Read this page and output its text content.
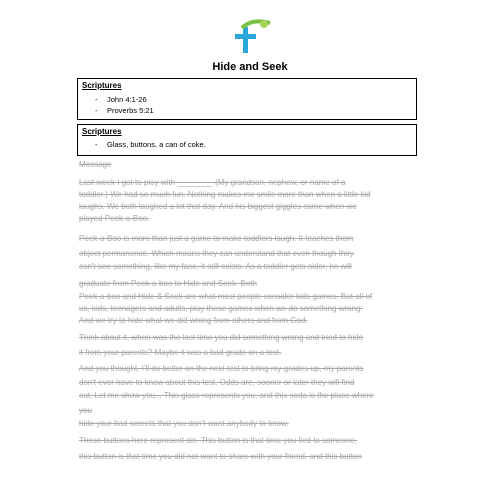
Hide and Seek
Scriptures
- John 4:1-26
- Proverbs 5:21
Scriptures
- Glass, buttons, a can of coke.
Message
Last week I got to play with ________ (My grandson, nephew, or name of a
toddler.) We had so much fun. Nothing makes me smile more than when a little kid
laughs. We both laughed a lot that day. And his biggest giggles came when we
played Peek-a-Boo.
Peek-a-Boo is more than just a game to make toddlers laugh. It teaches them
object permanence. Which means they can understand that even though they
can't see something, like my face, it still exists. As a toddler gets older, he will
graduate from Peek-a-boo to Hide and Seek. Both
Peek-a-boo and Hide & Seek are what most people consider kids games. But all of
us, kids, teenagers and adults, play these games when we do something wrong.
And we try to hide what we did wrong from others and from God.
Think about it, when was the last time you did something wrong and tried to hide
it from your parents? Maybe it was a bad grade on a test.
And you thought, I'll do better on the next test to bring my grades up, my parents
don't ever have to know about this test. Odds are, sooner or later they will find
out. Let me show you... This glass represents you, and this soda is the place where
you
hide your bad secrets that you don't want anybody to know.
These buttons here represent sin. This button is that time you lied to someone,
this button is that time you did not want to share with your friend, and this button
